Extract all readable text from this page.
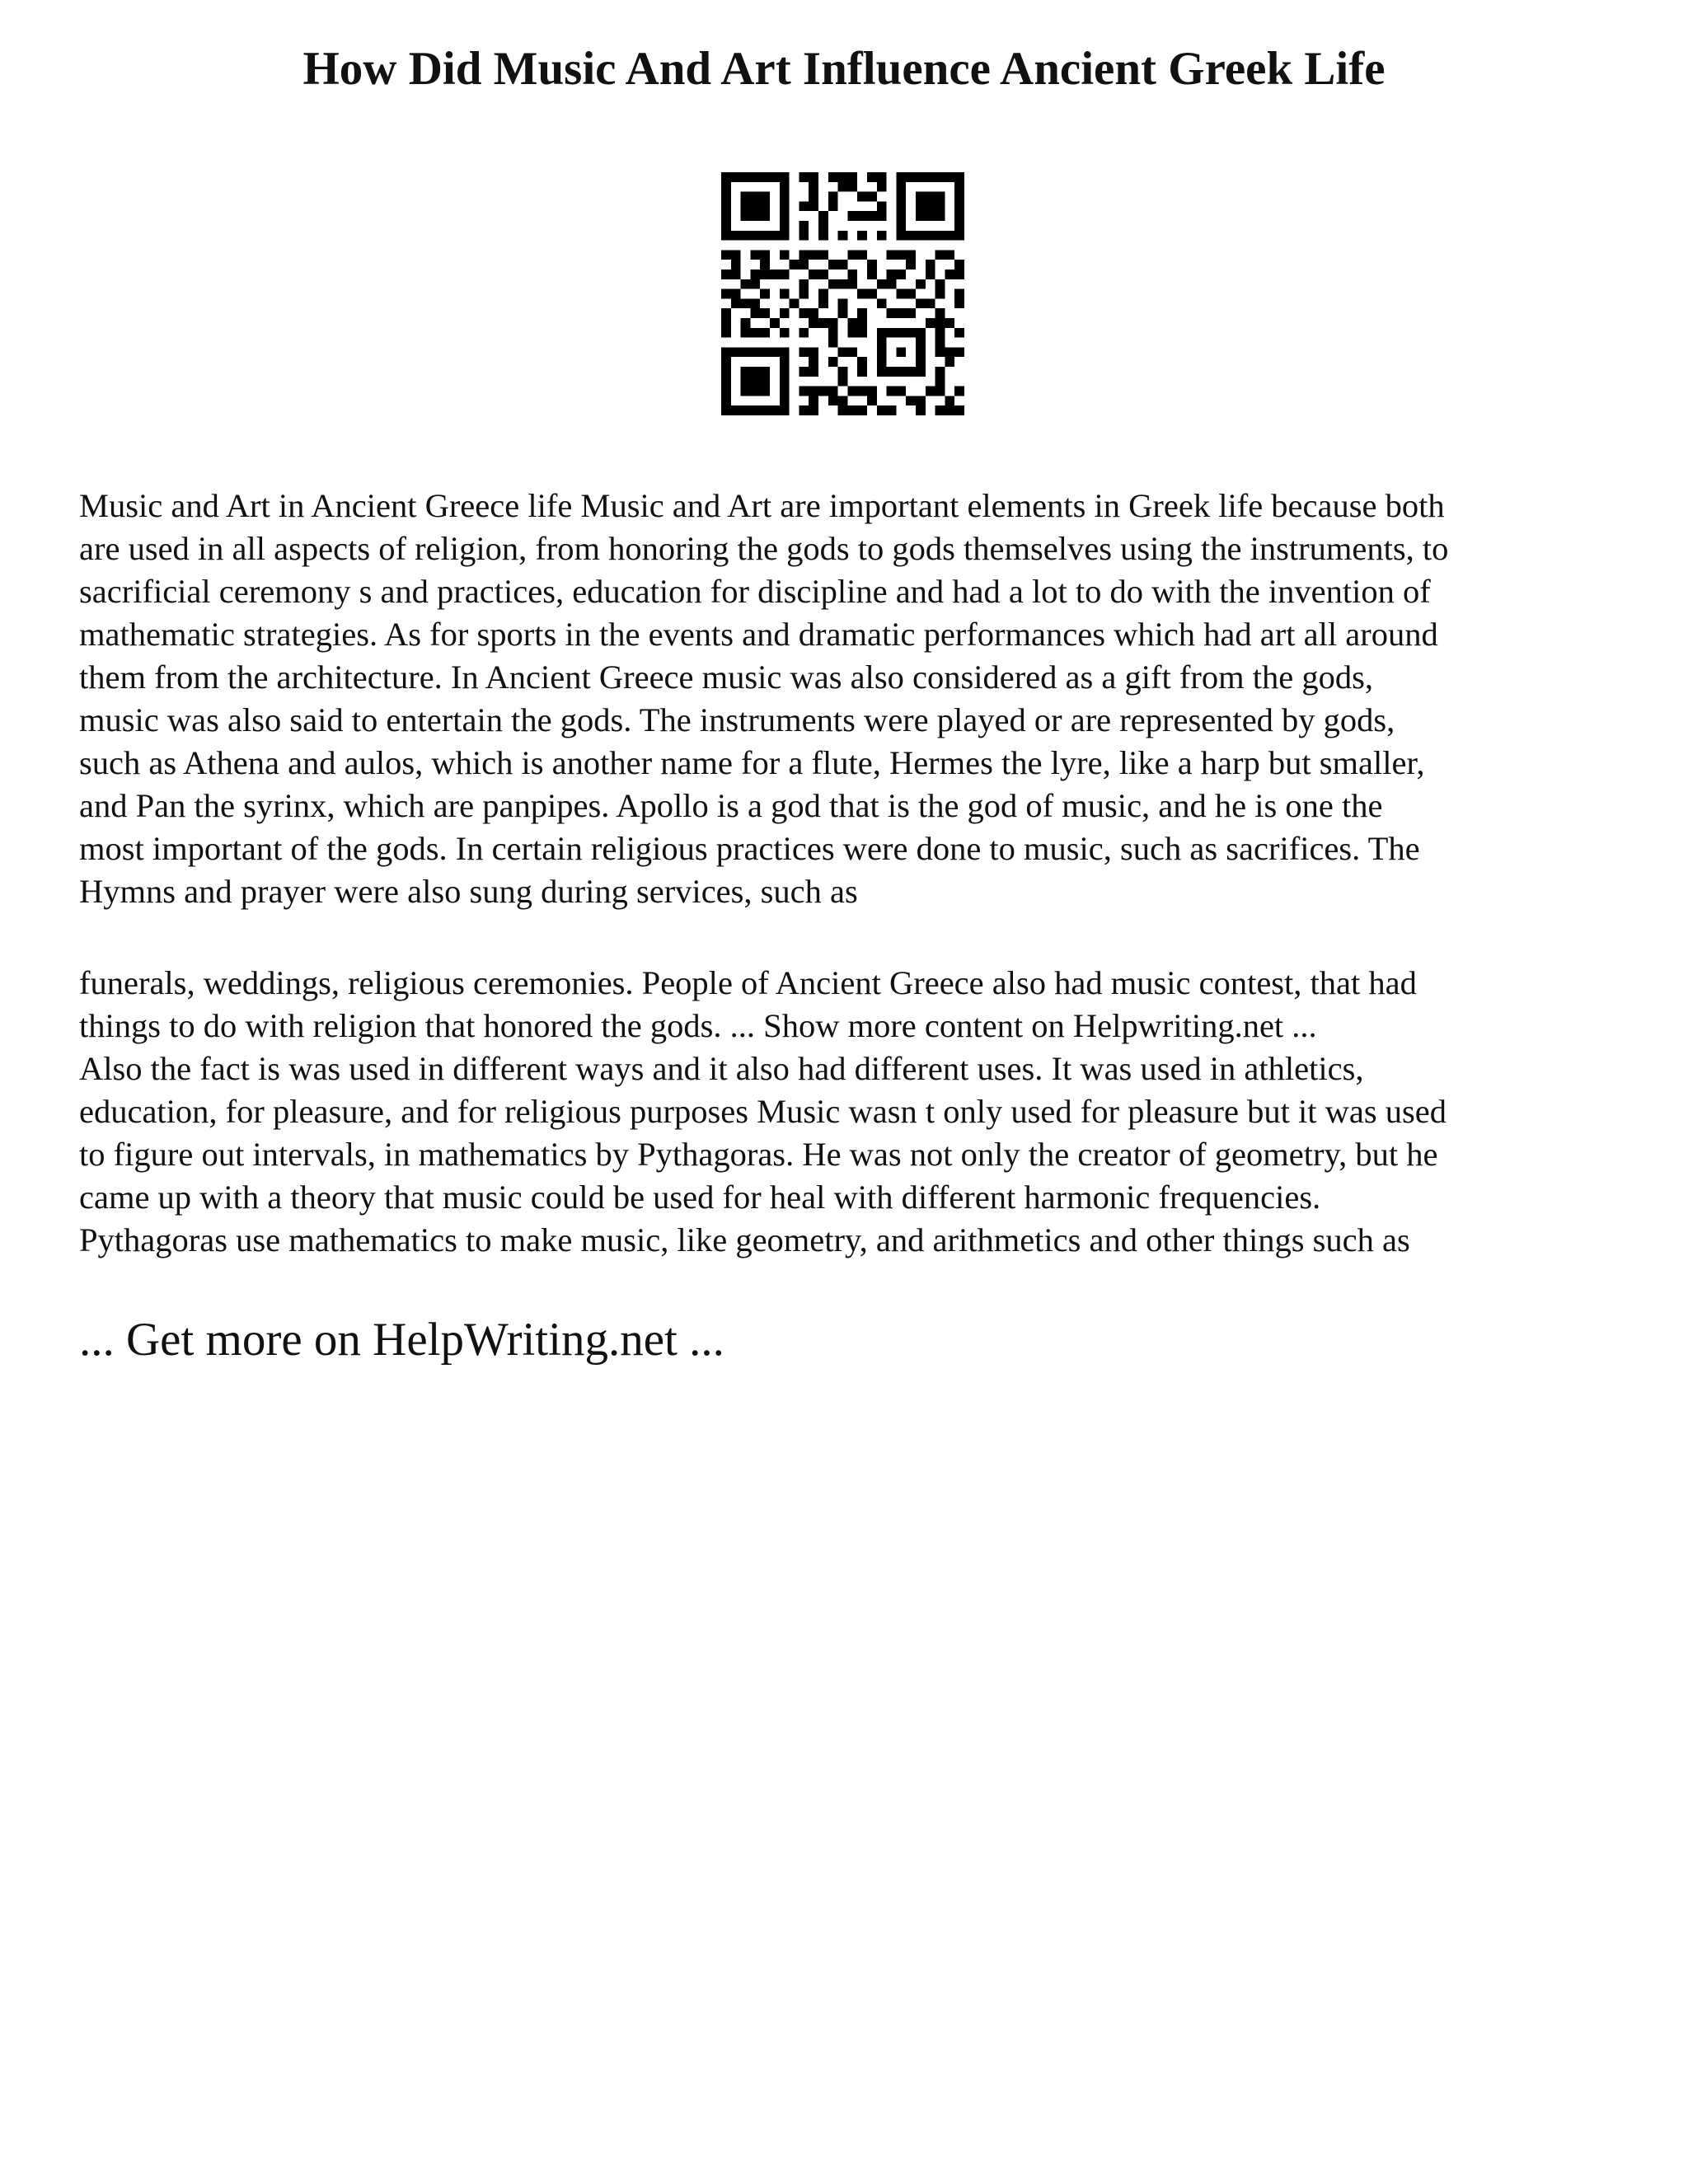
How Did Music And Art Influence Ancient Greek Life

Music and Art in Ancient Greece life Music and Art are important elements in Greek life because both
are used in all aspects of religion, from honoring the gods to gods themselves using the instruments, to
sacrificial ceremony s and practices, education for discipline and had a lot to do with the invention of
mathematic strategies. As for sports in the events and dramatic performances which had art all around
them from the architecture. In Ancient Greece music was also considered as a gift from the gods,
music was also said to entertain the gods. The instruments were played or are represented by gods,
such as Athena and aulos, which is another name for a flute, Hermes the lyre, like a harp but smaller,
and Pan the syrinx, which are panpipes. Apollo is a god that is the god of music, and he is one the
most important of the gods. In certain religious practices were done to music, such as sacrifices. The
Hymns and prayer were also sung during services, such as

funerals, weddings, religious ceremonies. People of Ancient Greece also had music contest, that had
things to do with religion that honored the gods. ... Show more content on Helpwriting.net ...
Also the fact is was used in different ways and it also had different uses. It was used in athletics,
education, for pleasure, and for religious purposes Music wasn t only used for pleasure but it was used
to figure out intervals, in mathematics by Pythagoras. He was not only the creator of geometry, but he
came up with a theory that music could be used for heal with different harmonic frequencies.
Pythagoras use mathematics to make music, like geometry, and arithmetics and other things such as

... Get more on HelpWriting.net ...
